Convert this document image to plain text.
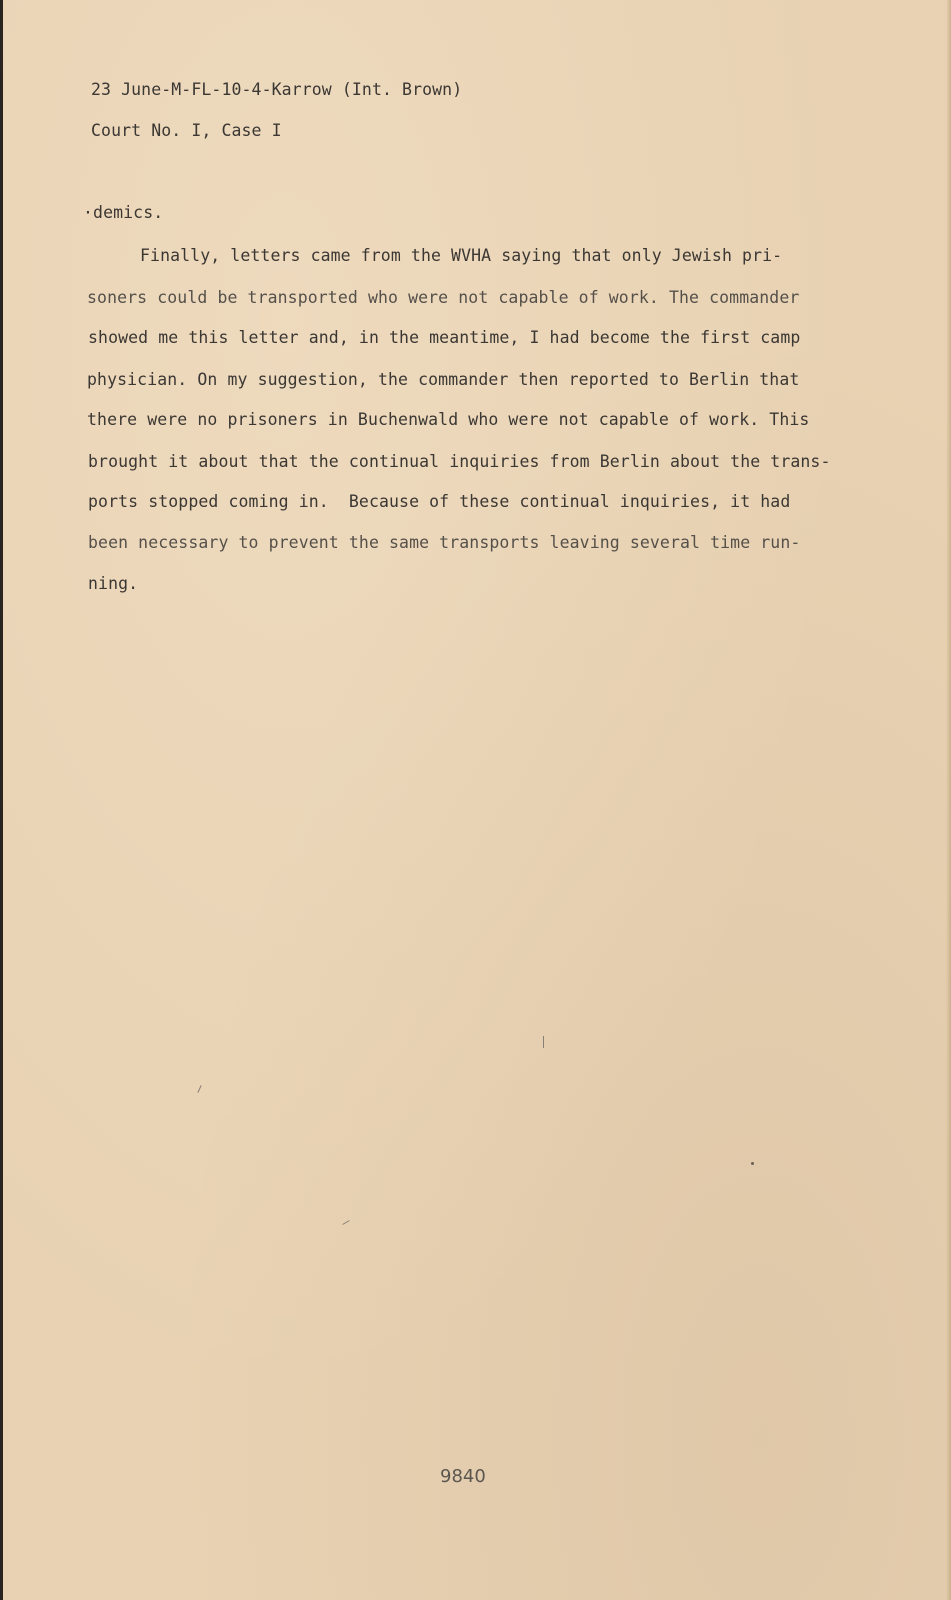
23 June-M-FL-10-4-Karrow (Int. Brown)
Court No. I, Case I
·demics.
Finally, letters came from the WVHA saying that only Jewish pri-
soners could be transported who were not capable of work. The commander
showed me this letter and, in the meantime, I had become the first camp
physician. On my suggestion, the commander then reported to Berlin that
there were no prisoners in Buchenwald who were not capable of work. This
brought it about that the continual inquiries from Berlin about the trans-
ports stopped coming in.  Because of these continual inquiries, it had
been necessary to prevent the same transports leaving several time run-
ning.
9840
